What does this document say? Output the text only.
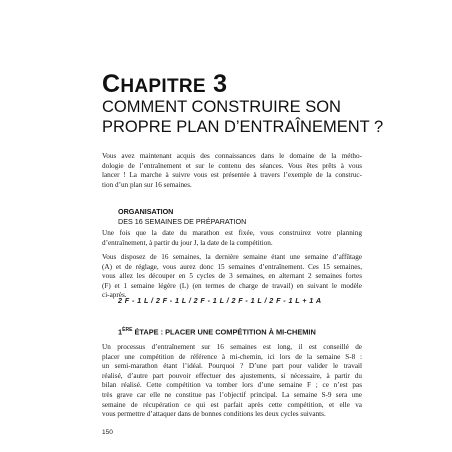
CHAPITRE 3
COMMENT CONSTRUIRE SON
PROPRE PLAN D’ENTRAÎNEMENT ?
Vous avez maintenant acquis des connaissances dans le domaine de la métho-
dologie de l’entraînement et sur le contenu des séances. Vous êtes prêts à vous
lancer ! La marche à suivre vous est présentée à travers l’exemple de la construc-
tion d’un plan sur 16 semaines.
ORGANISATION
DES 16 SEMAINES DE PRÉPARATION
Une fois que la date du marathon est fixée, vous construirez votre planning
d’entraînement, à partir du jour J, la date de la compétition.
Vous disposez de 16 semaines, la dernière semaine étant une semaine d’affûtage
(A) et de réglage, vous aurez donc 15 semaines d’entraînement. Ces 15 semaines,
vous allez les découper en 5 cycles de 3 semaines, en alternant 2 semaines fortes
(F) et 1 semaine légère (L) (en termes de charge de travail) en suivant le modèle
ci-après.
2 F - 1 L / 2 F - 1 L / 2 F - 1 L / 2 F - 1 L / 2 F - 1 L + 1 A
1ÈRE ÉTAPE : PLACER UNE COMPÉTITION À MI-CHEMIN
Un processus d’entraînement sur 16 semaines est long, il est conseillé de
placer une compétition de référence à mi-chemin, ici lors de la semaine S-8 :
un semi-marathon étant l’idéal. Pourquoi ? D’une part pour valider le travail
réalisé, d’autre part pouvoir effectuer des ajustements, si nécessaire, à partir du
bilan réalisé. Cette compétition va tomber lors d’une semaine F ; ce n’est pas
très grave car elle ne constitue pas l’objectif principal. La semaine S-9 sera une
semaine de récupération ce qui est parfait après cette compétition, et elle va
vous permettre d’attaquer dans de bonnes conditions les deux cycles suivants.
150
